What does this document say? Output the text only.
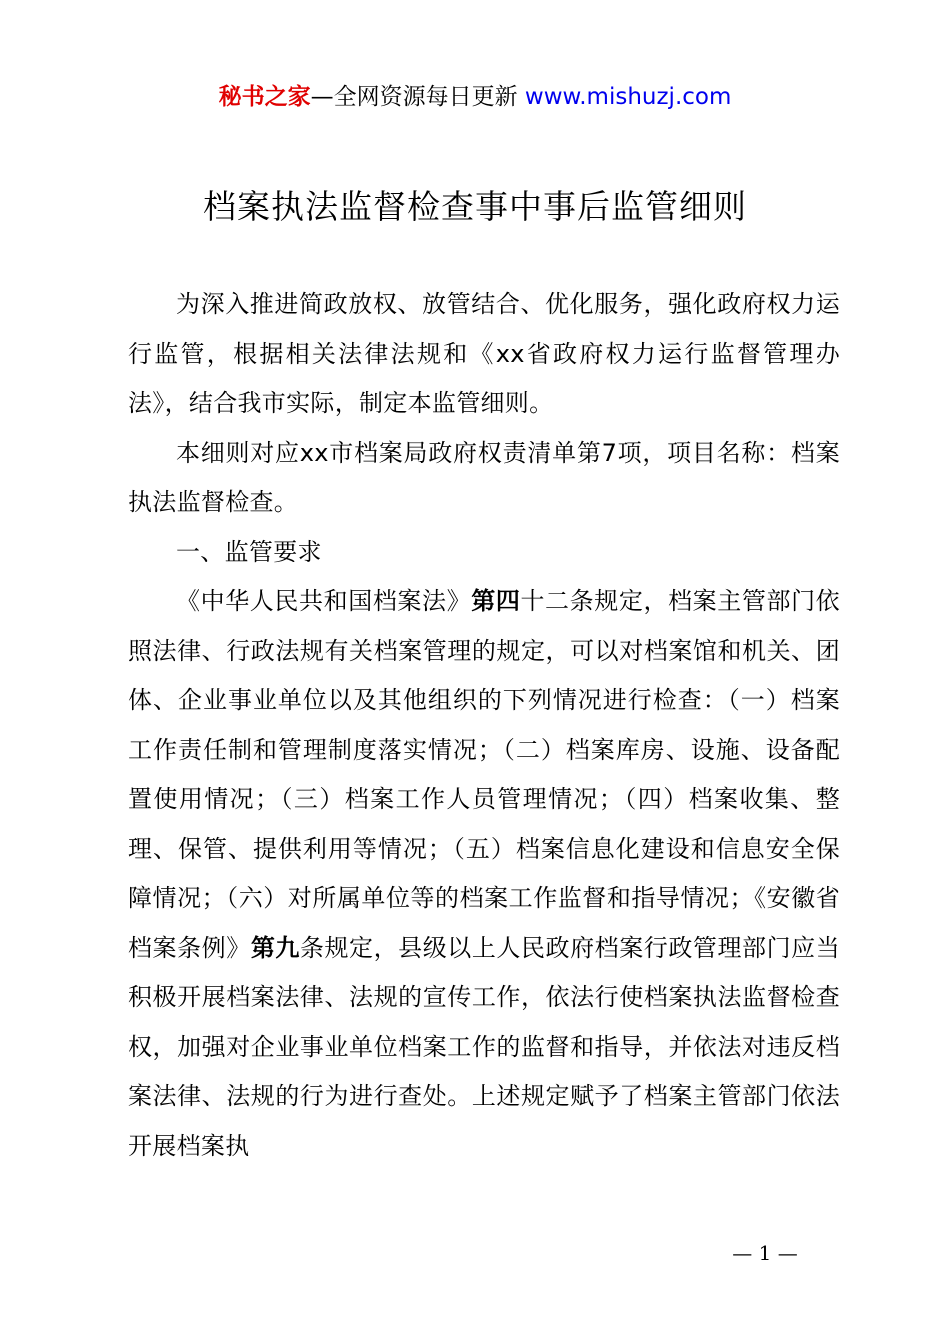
秘书之家—全网资源每日更新 www.mishuzj.com
档案执法监督检查事中事后监管细则

为深入推进简政放权、放管结合、优化服务，强化政府权力运行监管，根据相关法律法规和《xx省政府权力运行监督管理办法》，结合我市实际，制定本监管细则。

本细则对应xx市档案局政府权责清单第7项，项目名称：档案执法监督检查。

一、监管要求

《中华人民共和国档案法》第四十二条规定，档案主管部门依照法律、行政法规有关档案管理的规定，可以对档案馆和机关、团体、企业事业单位以及其他组织的下列情况进行检查：（一）档案工作责任制和管理制度落实情况；（二）档案库房、设施、设备配置使用情况；（三）档案工作人员管理情况；（四）档案收集、整理、保管、提供利用等情况；（五）档案信息化建设和信息安全保障情况；（六）对所属单位等的档案工作监督和指导情况；《安徽省档案条例》第九条规定，县级以上人民政府档案行政管理部门应当积极开展档案法律、法规的宣传工作，依法行使档案执法监督检查权，加强对企业事业单位档案工作的监督和指导，并依法对违反档案法律、法规的行为进行查处。上述规定赋予了档案主管部门依法开展档案执

— 1 —
